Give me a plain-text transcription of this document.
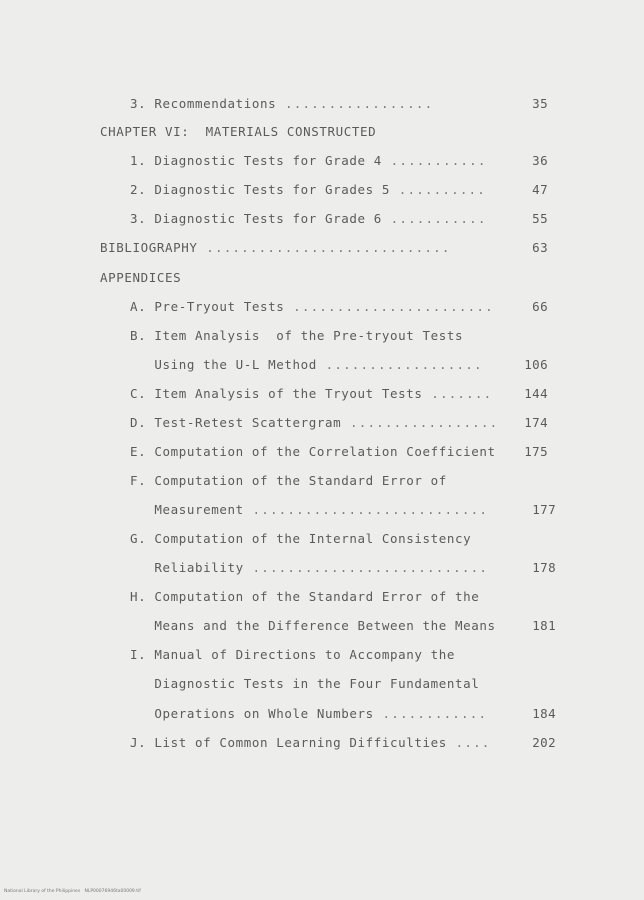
3. Recommendations .................	35
CHAPTER VI:  MATERIALS CONSTRUCTED
1. Diagnostic Tests for Grade 4 ...........	36
2. Diagnostic Tests for Grades 5 ..........	47
3. Diagnostic Tests for Grade 6 ...........	55
BIBLIOGRAPHY ............................	63
APPENDICES
A. Pre-Tryout Tests .......................	66
B. Item Analysis  of the Pre-tryout Tests
Using the U-L Method ..................	106
C. Item Analysis of the Tryout Tests .......	144
D. Test-Retest Scattergram .................	174
E. Computation of the Correlation Coefficient	175
F. Computation of the Standard Error of
Measurement ...........................	177
G. Computation of the Internal Consistency
Reliability ...........................	178
H. Computation of the Standard Error of the
Means and the Difference Between the Means	181
I. Manual of Directions to Accompany the
Diagnostic Tests in the Four Fundamental
Operations on Whole Numbers ............	184
J. List of Common Learning Difficulties ....	202
National Library of the Philippines   NLP00076946ta00009.tif
